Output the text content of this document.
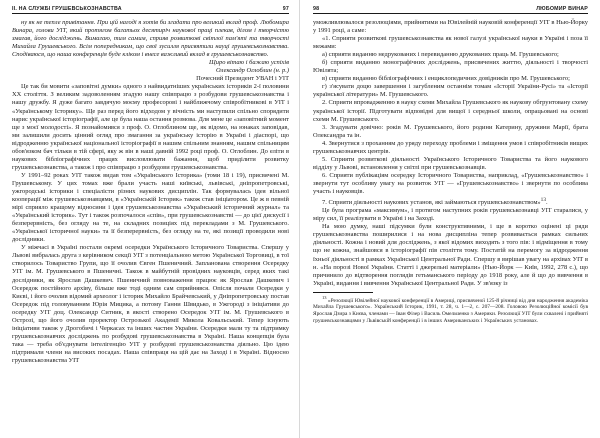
II. НА СЛУЖБІ ГРУШЕВСЬКОЗНАВСТВА	97

ну як не тепле привітання. При цій нагоді я хотів би згадати про великий вклад проф. Любомира Винара, голови УІТ, який протягом багатьох десятиріч наукової праці плекав, ділом і творчістю змагав, його досліджень. Вимагаю, тим самим, сприяв розвиткові світлої пам'яті та творчості Михайла Грушевського. Всім попередникам, що свої зусилля присвятили науці грушевськознавства. Сподіваюся, що наша конференція буде кліком і внесе важливий вклад в грушевськознавство.

Щиро вітаю і бажаю успіхів

Олександр Оглоблин (н. р.)

Почесний Президент УВАН і УІТ

Це так би мовити «заповітні думки» одного з найвидатніших українських істориків 2-ї половини ХХ століття. З великим задоволенням згадую нашу співпрацю з розбудови грушевськознавства і нашу дружбу. Я дуже багато завдячую моєму професорові і найближчому співробітникові в УІТ і «Українському Історику». Ще раз перед його відходом у вічність ми наступили спільно спорядити нарис української історіографії, але це була наша остання розмова. Для мене це «заповітний момент ще з моєї молодості». Я познайомився з проф. О. Оглоблином ще, як відомо, на юнаках заповідав, ми залишили досить цінний огляд про змагання за українську історію в Україні і діаспорі, що відродженню української національної історіографії в нашим спільним знанням, нашим спільницям обов'язком бач тільки в тій сфері, яку ж він в наші давній 1992 році проф. О. Оглоблин. До еліти в наукових бібліографічних працях висловлювати бажання, щоб приділити розвитку грушевськознавства, а також і про співпрацю з розбудови грушевськознавства.

У 1991–92 роках УІТ також видав том «Українського Історика» (томи 18 і 19), присвячені М. Грушевському. У цих томах вже брали участь наші київські, львівські, дніпропетровські, ужгородські історики і спеціалісти різних наукових дисциплін. Так формувалась ідея вільної кооперації між грушевськознавцями, в «Українській Історик» також став ініціатором. Це ж в певній мірі сприяло кращому відносини і ідея грушевськознавства «Український історичний журнал» та «Український історик». Тут і також розпочалося «спів», при грушевськознавстві — до цієї дискусії і безперервність, без огляду на те, на складних позиціях під перекладами з М. Грушевського. «Української історичної науки» та її безперервність, без огляду на те, які позиції проводили нові дослідники.

У міжчасі в Україні постали окремі осередки Українського Історичного Товариства. Спершу у Львові вибралась друга з керівником секції УІТ з потенціальною метою Української Торговиці, в тої створилось Товариство Групи, що її очолив Євген Пшеничний. Запланована створення Осередку УІТ ім. М. Грушевського в Пшеничні. Також в майбутній провідних науковців, серед яких такі дослідники, як Ярослав Дашкевич. Пшеничний повноваження працює як Ярослав Дашкевич і Осередок постійного архіву, більше вже тоді одним сам сприйнявся. Опісля почали Осередки у Києві, і його очолив відомий археолог і історик Михайло Брайчевський, у Дніпропетровську постав Осередок під головуванням Юрія Мицика, а потому Ганни Швидько, в Ужгороді з ініціативи до осередку УІТ доц. Олександр Ситник, в якості створено Осередок УІТ ім. М. Грушевського в Острозі, що його очолив проректор Острозької Академії Микола Ковальський. Тепер існують ініціативи також у Дрогобичі і Черкасах та інших частин України. Осередки мали ту та підтримку грушевськознавчих досліджень по розбудові грушевськознавства в Україні. Наша концепція була така — треба об'єднувати інтелігенцію УІТ у розбудові грушевськознавства діяльно. Цю ідею підтримали члени на високих посадах. Наша співпраця на цій дає на Заході і в Україні. Відносно грушевськознавства УІТ

98	ЛЮБОМИР ВИНАР

уможливлювалося резолюціями, прийнятими на Ювілейній науковій конференції УІТ в Нью-Йорку у 1991 році, а саме:

«1. Сприяти розвиткові грушевськознавства як нової галузі української науки в Україні і поза її межами:

а) сприяти виданню недрукованих і перевиданню друкованих праць М. Грушевського;

б) сприяти виданню монографічних досліджень, присвячених життю, діяльності і творчості Ювілята;

в) сприяти виданню бібліографічних і енциклопедичних довідників про М. Грушевського;

г) з'ясувати доцю завершення і загубленим останнім томам «Історії України-Русі» та «Історії української літератури» М. Грушевського.

2. Сприяти впровадженню в науку схеми Михайла Грушевського як наукову обгрунтовану схему української історії. Підготувати відповідні для вищої і середньої школи, опрацьовані на основі схеми М. Грушевського.

3. Згадувати довічно: років М. Грушевського, його родини Катерину, дружини Марії, брата Олександра та ін.

4. Звернутися з проханням до уряду переходу проблеми і зміщення умов і співробітників вищих грушевськознавчих центрів.

5. Сприяти розвиткові діяльності Українського Історичного Товариства та його наукового відділу у Львові, встановлення у світлі при грушевськознавців.

6. Сприяти публікаціям осередку Історичного Товариства, наприклад, «Грушевськознавство» і звернути тут особливу увагу на розвиток УІТ — «Грушевськознавство» і звернути по особлива участь і науковців.

7. Сприяти діяльності наукових установ, які займаються грушевськознавством»$^{13}$.

Це була програма «максимум», і протягом наступних років грушевськознавці УІТ старалися, у міру сил, її реалізувати в Україні і на Заході.

На мою думку, наші підсумки були конструктивними, і ще в коротко оцінені ці ряди грушевськознавства поширилися і на нова дисципліна тепер розвивається рамках сильних діяльності. Кожна і новий для досліджень, з якої відомих виходять з того пів: і відміщення в тому що не кожна, знайшовся в історіографії пів століття тому. Постатій на перемогу за відродження їхньої діяльності в рамках Української Центральної Ради. Спершу в вирішав увагу на архівах УІТ в н. «На порозі Нової України. Статті і джерельні матеріали» (Нью-Йорк — Київ, 1992, 278 с.), що причинило до відтворення поглядів гетьманського періоду до 1918 року, але й що до вивчення в Україні, видання і вивчення Української Центральної Ради. У зв'язку із

$^{13}$ «Резолюції Ювілейної наукової конференції в Америці, присвяченої 125-й річниці від дня народження академіка Михайла Грушевського». Український Історик, 1991, т. 28, ч. 1—2, с. 207—208. Головою Резолюційної комісії був Ярослав Дзира з Києва, членами — Іван Фізер і Василь Омельченко з Америки. Резолюції УІТ були схвалені і прийняті грушевськознавцями у Львівській конференції і в інших Американських і Українських установах.
